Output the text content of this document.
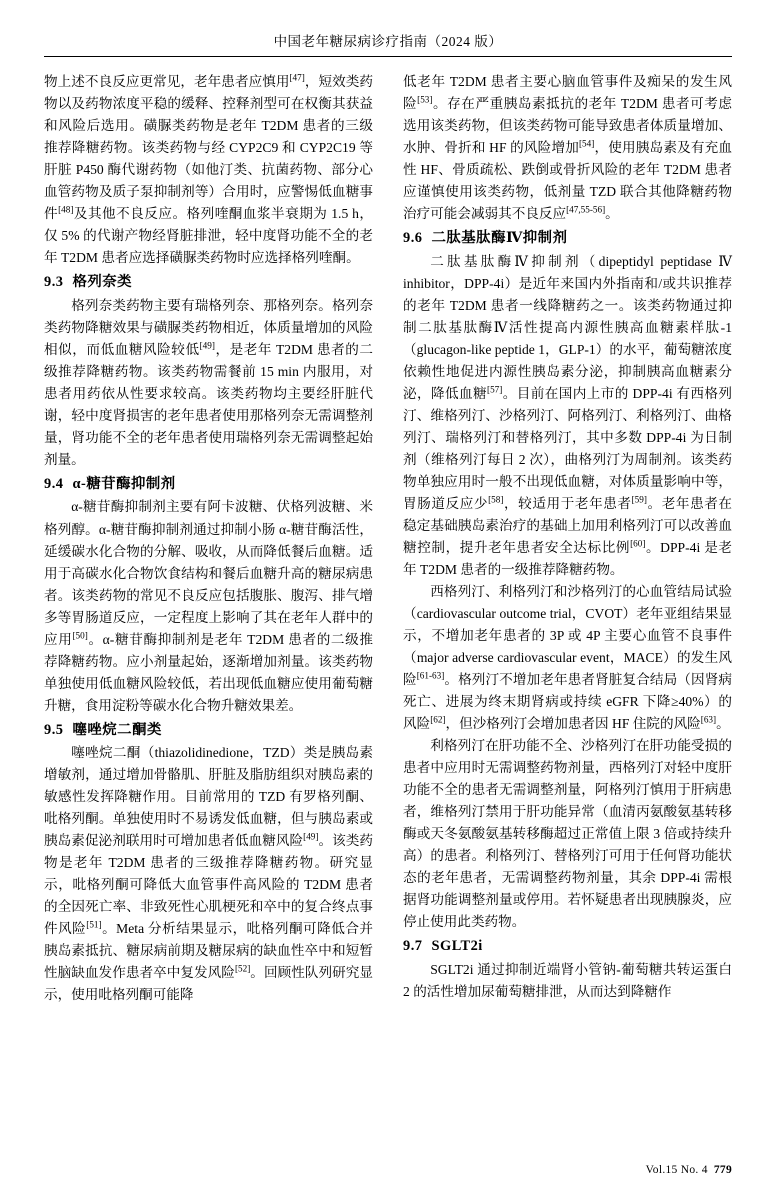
中国老年糖尿病诊疗指南（2024 版）

物上述不良反应更常见，老年患者应慎用[47]，短效类药物以及药物浓度平稳的缓释、控释剂型可在权衡其获益和风险后选用。磺脲类药物是老年 T2DM 患者的三级推荐降糖药物。该类药物与经 CYP2C9 和 CYP2C19 等肝脏 P450 酶代谢药物（如他汀类、抗菌药物、部分心血管药物及质子泵抑制剂等）合用时，应警惕低血糖事件[48]及其他不良反应。格列喹酮血浆半衰期为 1.5 h，仅 5% 的代谢产物经肾脏排泄，轻中度肾功能不全的老年 T2DM 患者应选择磺脲类药物时应选择格列喹酮。

9.3 格列奈类

格列奈类药物主要有瑞格列奈、那格列奈。格列奈类药物降糖效果与磺脲类药物相近，体质量增加的风险相似，而低血糖风险较低[49]，是老年 T2DM 患者的二级推荐降糖药物。该类药物需餐前 15 min 内服用，对患者用药依从性要求较高。该类药物均主要经肝脏代谢，轻中度肾损害的老年患者使用那格列奈无需调整剂量，肾功能不全的老年患者使用瑞格列奈无需调整起始剂量。

9.4 α-糖苷酶抑制剂

α-糖苷酶抑制剂主要有阿卡波糖、伏格列波糖、米格列醇。α-糖苷酶抑制剂通过抑制小肠 α-糖苷酶活性，延缓碳水化合物的分解、吸收，从而降低餐后血糖。适用于高碳水化合物饮食结构和餐后血糖升高的糖尿病患者。该类药物的常见不良反应包括腹胀、腹泻、排气增多等胃肠道反应，一定程度上影响了其在老年人群中的应用[50]。α-糖苷酶抑制剂是老年 T2DM 患者的二级推荐降糖药物。应小剂量起始，逐渐增加剂量。该类药物单独使用低血糖风险较低，若出现低血糖应使用葡萄糖升糖，食用淀粉等碳水化合物升糖效果差。

9.5 噻唑烷二酮类

噻唑烷二酮（thiazolidinedione，TZD）类是胰岛素增敏剂，通过增加骨骼肌、肝脏及脂肪组织对胰岛素的敏感性发挥降糖作用。目前常用的 TZD 有罗格列酮、吡格列酮。单独使用时不易诱发低血糖，但与胰岛素或胰岛素促泌剂联用时可增加患者低血糖风险[49]。该类药物是老年 T2DM 患者的三级推荐降糖药物。研究显示，吡格列酮可降低大血管事件高风险的 T2DM 患者的全因死亡率、非致死性心肌梗死和卒中的复合终点事件风险[51]。Meta 分析结果显示，吡格列酮可降低合并胰岛素抵抗、糖尿病前期及糖尿病的缺血性卒中和短暂性脑缺血发作患者卒中复发风险[52]。回顾性队列研究显示，使用吡格列酮可能降

低老年 T2DM 患者主要心脑血管事件及痴呆的发生风险[53]。存在严重胰岛素抵抗的老年 T2DM 患者可考虑选用该类药物，但该类药物可能导致患者体质量增加、水肿、骨折和 HF 的风险增加[54]，使用胰岛素及有充血性 HF、骨质疏松、跌倒或骨折风险的老年 T2DM 患者应谨慎使用该类药物，低剂量 TZD 联合其他降糖药物治疗可能会减弱其不良反应[47,55-56]。

9.6 二肽基肽酶Ⅳ抑制剂

二肽基肽酶Ⅳ抑制剂（dipeptidyl peptidase Ⅳ inhibitor，DPP-4i）是近年来国内外指南和/或共识推荐的老年 T2DM 患者一线降糖药之一。该类药物通过抑制二肽基肽酶Ⅳ活性提高内源性胰高血糖素样肽-1（glucagon-like peptide 1，GLP-1）的水平，葡萄糖浓度依赖性地促进内源性胰岛素分泌，抑制胰高血糖素分泌，降低血糖[57]。目前在国内上市的 DPP-4i 有西格列汀、维格列汀、沙格列汀、阿格列汀、利格列汀、曲格列汀、瑞格列汀和替格列汀，其中多数 DPP-4i 为日制剂（维格列汀每日 2 次），曲格列汀为周制剂。该类药物单独应用时一般不出现低血糖，对体质量影响中等，胃肠道反应少[58]，较适用于老年患者[59]。老年患者在稳定基础胰岛素治疗的基础上加用利格列汀可以改善血糖控制，提升老年患者安全达标比例[60]。DPP-4i 是老年 T2DM 患者的一级推荐降糖药物。

西格列汀、利格列汀和沙格列汀的心血管结局试验（cardiovascular outcome trial，CVOT）老年亚组结果显示，不增加老年患者的 3P 或 4P 主要心血管不良事件（major adverse cardiovascular event，MACE）的发生风险[61-63]。格列汀不增加老年患者肾脏复合结局（因肾病死亡、进展为终末期肾病或持续 eGFR 下降≥40%）的风险[62]，但沙格列汀会增加患者因 HF 住院的风险[63]。

利格列汀在肝功能不全、沙格列汀在肝功能受损的患者中应用时无需调整药物剂量，西格列汀对轻中度肝功能不全的患者无需调整剂量，阿格列汀慎用于肝病患者，维格列汀禁用于肝功能异常（血清丙氨酸氨基转移酶或天冬氨酸氨基转移酶超过正常值上限 3 倍或持续升高）的患者。利格列汀、替格列汀可用于任何肾功能状态的老年患者，无需调整药物剂量，其余 DPP-4i 需根据肾功能调整剂量或停用。若怀疑患者出现胰腺炎，应停止使用此类药物。

9.7 SGLT2i

SGLT2i 通过抑制近端肾小管钠-葡萄糖共转运蛋白 2 的活性增加尿葡萄糖排泄，从而达到降糖作

Vol.15 No. 4 779
